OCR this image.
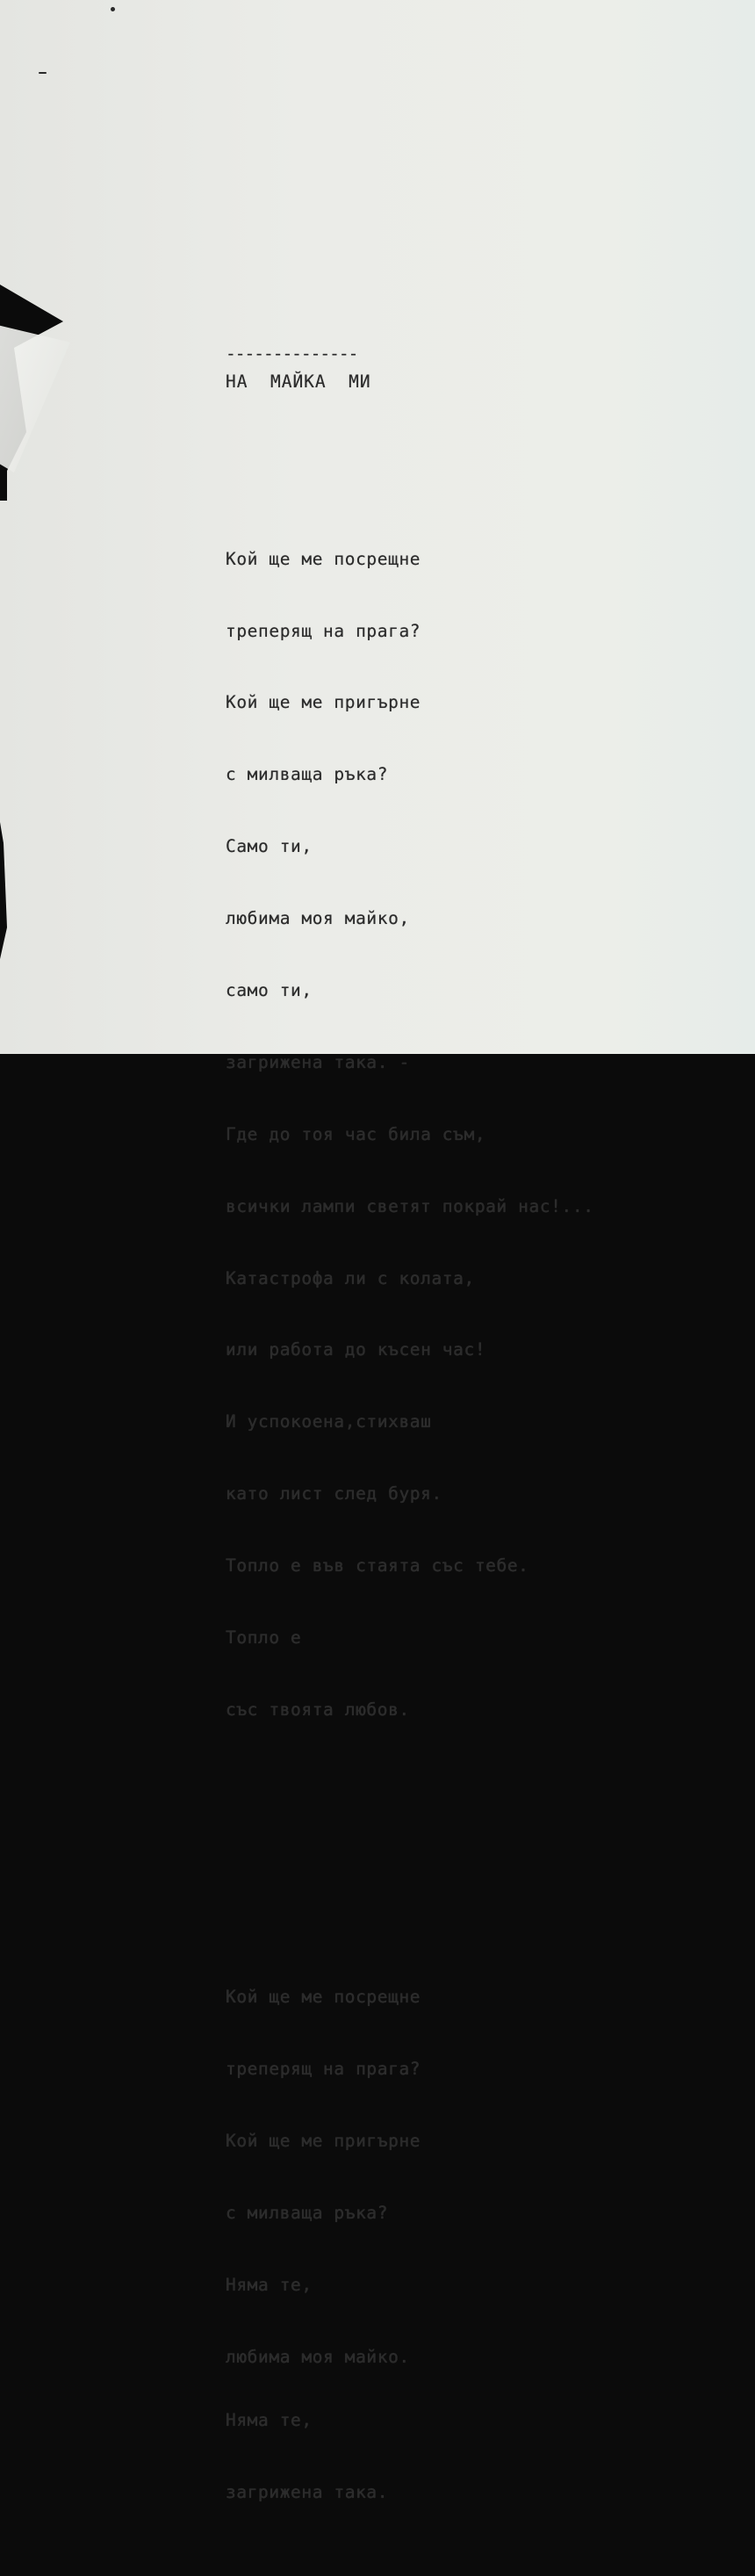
НА  МАЙКА  МИ

--------------

Кой ще ме посрещне

треперящ на прага?

Кой ще ме пригърне

с милваща ръка?

Само ти,

любима моя майко,

само ти,

загрижена така. -

Где до тоя час била съм,

всички лампи светят покрай нас!...

Катастрофа ли с колата,

или работа до късен час!

И успокоена,стихваш

като лист след буря.

Топло е във стаята със тебе.

Топло е

със твоята любов.

Кой ще ме посрещне

треперящ на прага?

Кой ще ме пригърне

с милваща ръка?

Няма те,

любима моя майко.

Няма те,

загрижена така.
